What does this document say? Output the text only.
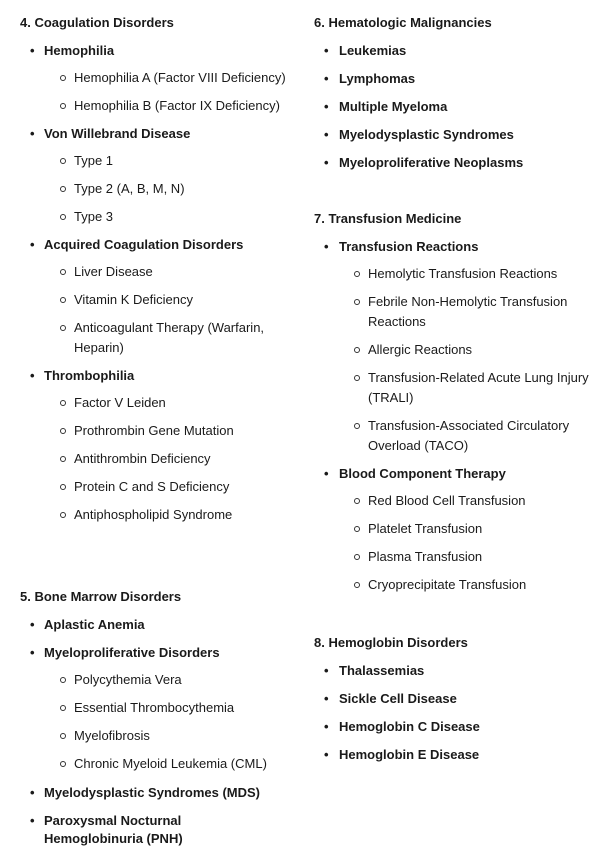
4. Coagulation Disorders
• Hemophilia
Hemophilia A (Factor VIII Deficiency)
Hemophilia B (Factor IX Deficiency)
• Von Willebrand Disease
Type 1
Type 2 (A, B, M, N)
Type 3
• Acquired Coagulation Disorders
Liver Disease
Vitamin K Deficiency
Anticoagulant Therapy (Warfarin, Heparin)
• Thrombophilia
Factor V Leiden
Prothrombin Gene Mutation
Antithrombin Deficiency
Protein C and S Deficiency
Antiphospholipid Syndrome
5. Bone Marrow Disorders
• Aplastic Anemia
• Myeloproliferative Disorders
Polycythemia Vera
Essential Thrombocythemia
Myelofibrosis
Chronic Myeloid Leukemia (CML)
• Myelodysplastic Syndromes (MDS)
• Paroxysmal Nocturnal Hemoglobinuria (PNH)
6. Hematologic Malignancies
• Leukemias
• Lymphomas
• Multiple Myeloma
• Myelodysplastic Syndromes
• Myeloproliferative Neoplasms
7. Transfusion Medicine
• Transfusion Reactions
Hemolytic Transfusion Reactions
Febrile Non-Hemolytic Transfusion Reactions
Allergic Reactions
Transfusion-Related Acute Lung Injury (TRALI)
Transfusion-Associated Circulatory Overload (TACO)
• Blood Component Therapy
Red Blood Cell Transfusion
Platelet Transfusion
Plasma Transfusion
Cryoprecipitate Transfusion
8. Hemoglobin Disorders
• Thalassemias
• Sickle Cell Disease
• Hemoglobin C Disease
• Hemoglobin E Disease
